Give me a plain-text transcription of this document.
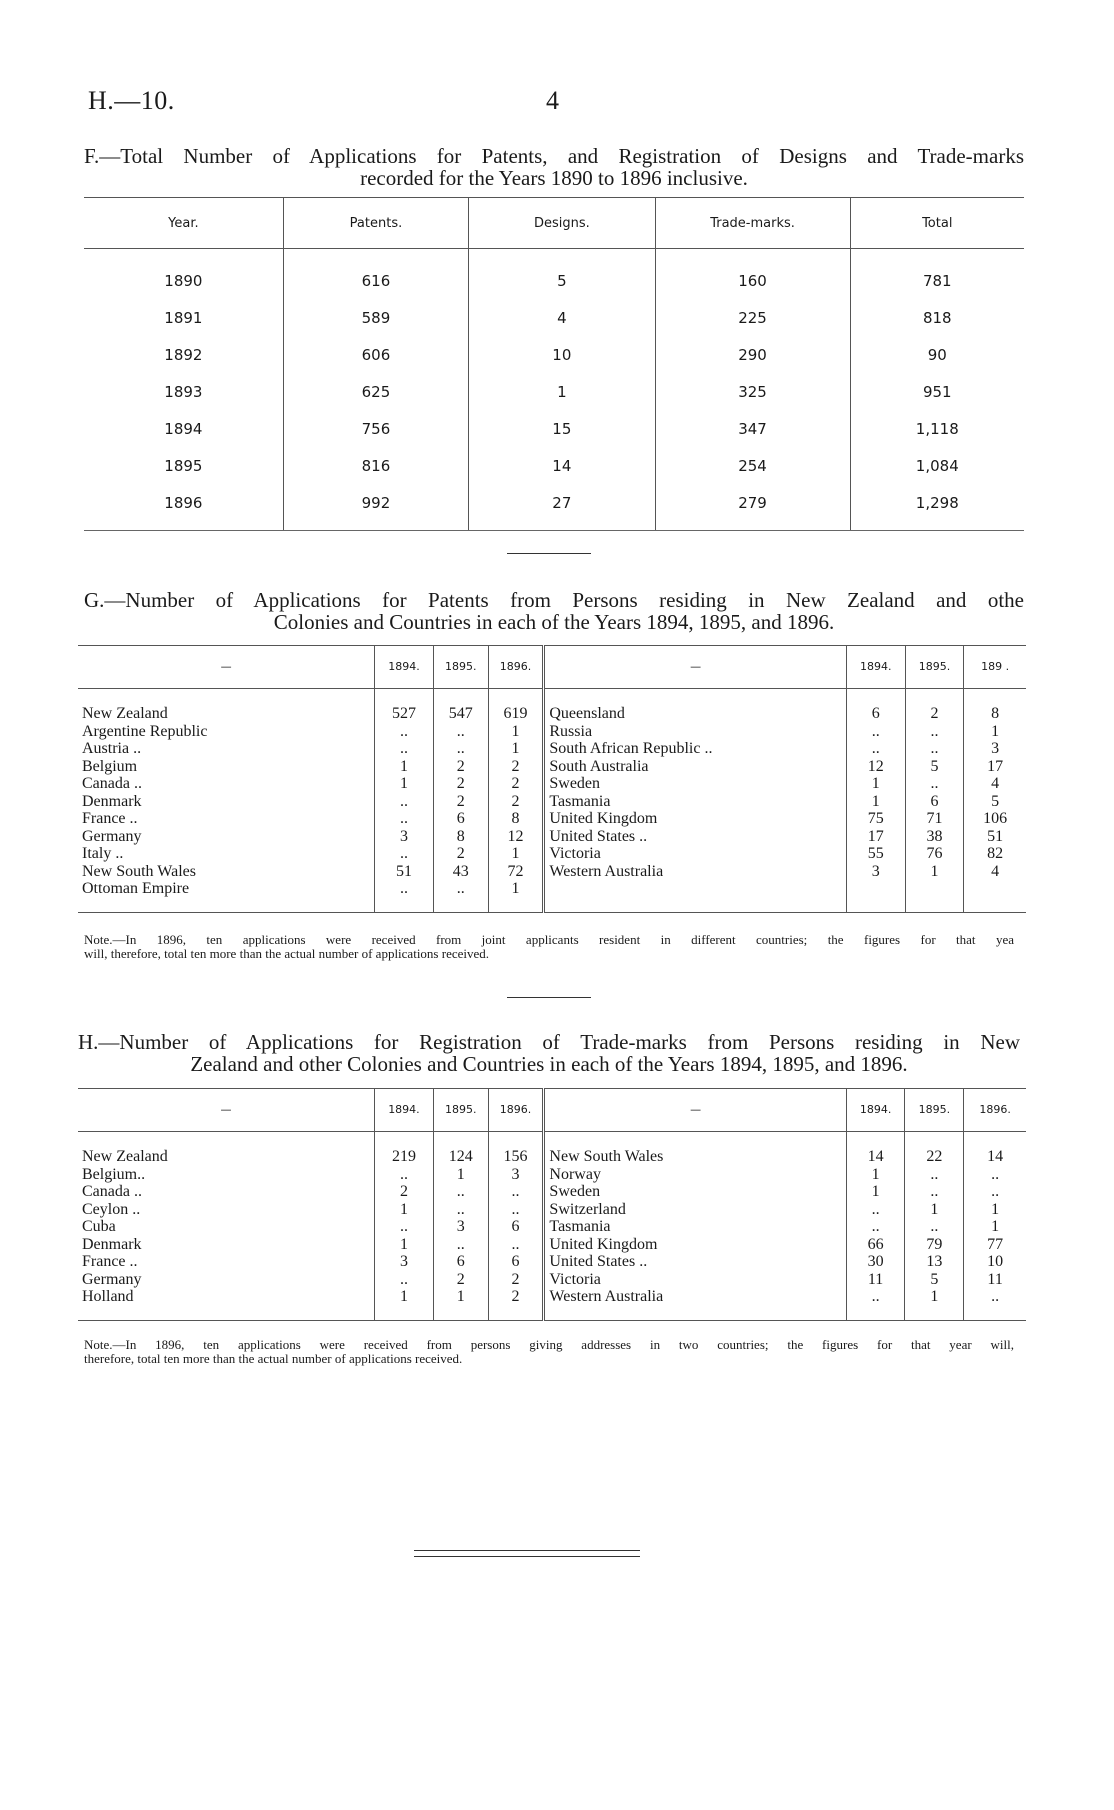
H.—10.	4
F.—Total Number of Applications for Patents, and Registration of Designs and Trade-marks
recorded for the Years 1890 to 1896 inclusive.
Year.	Patents.	Designs.	Trade-marks.	Total
1890	616	5	160	781
1891	589	4	225	818
1892	606	10	290	90
1893	625	1	325	951
1894	756	15	347	1,118
1895	816	14	254	1,084
1896	992	27	279	1,298
G.—Number of Applications for Patents from Persons residing in New Zealand and othe
Colonies and Countries in each of the Years 1894, 1895, and 1896.
—	1894.	1895.	1896.	—	1894.	1895.	189 .

New Zealand	527	547	619	Queensland	6	2	8
Argentine Republic	..	..	1	Russia	..	..	1
Austria ..	..	..	1	South African Republic ..	..	..	3
Belgium	1	2	2	South Australia	12	5	17
Canada ..	1	2	2	Sweden	1	..	4
Denmark	..	2	2	Tasmania	1	6	5
France ..	..	6	8	United Kingdom	75	71	106
Germany	3	8	12	United States ..	17	38	51
Italy ..	..	2	1	Victoria	55	76	82
New South Wales	51	43	72	Western Australia	3	1	4
Ottoman Empire	..	..	1				

Note.—In 1896, ten applications were received from joint applicants resident in different countries; the figures for that yea
will, therefore, total ten more than the actual number of applications received.
H.—Number of Applications for Registration of Trade-marks from Persons residing in New
Zealand and other Colonies and Countries in each of the Years 1894, 1895, and 1896.
—	1894.	1895.	1896.	—	1894.	1895.	1896.

New Zealand	219	124	156	New South Wales	14	22	14
Belgium..	..	1	3	Norway	1	..	..
Canada ..	2	..	..	Sweden	1	..	..
Ceylon ..	1	..	..	Switzerland	..	1	1
Cuba	..	3	6	Tasmania	..	..	1
Denmark	1	..	..	United Kingdom	66	79	77
France ..	3	6	6	United States ..	30	13	10
Germany	..	2	2	Victoria	11	5	11
Holland	1	1	2	Western Australia	..	1	..

Note.—In 1896, ten applications were received from persons giving addresses in two countries; the figures for that year will,
therefore, total ten more than the actual number of applications received.
